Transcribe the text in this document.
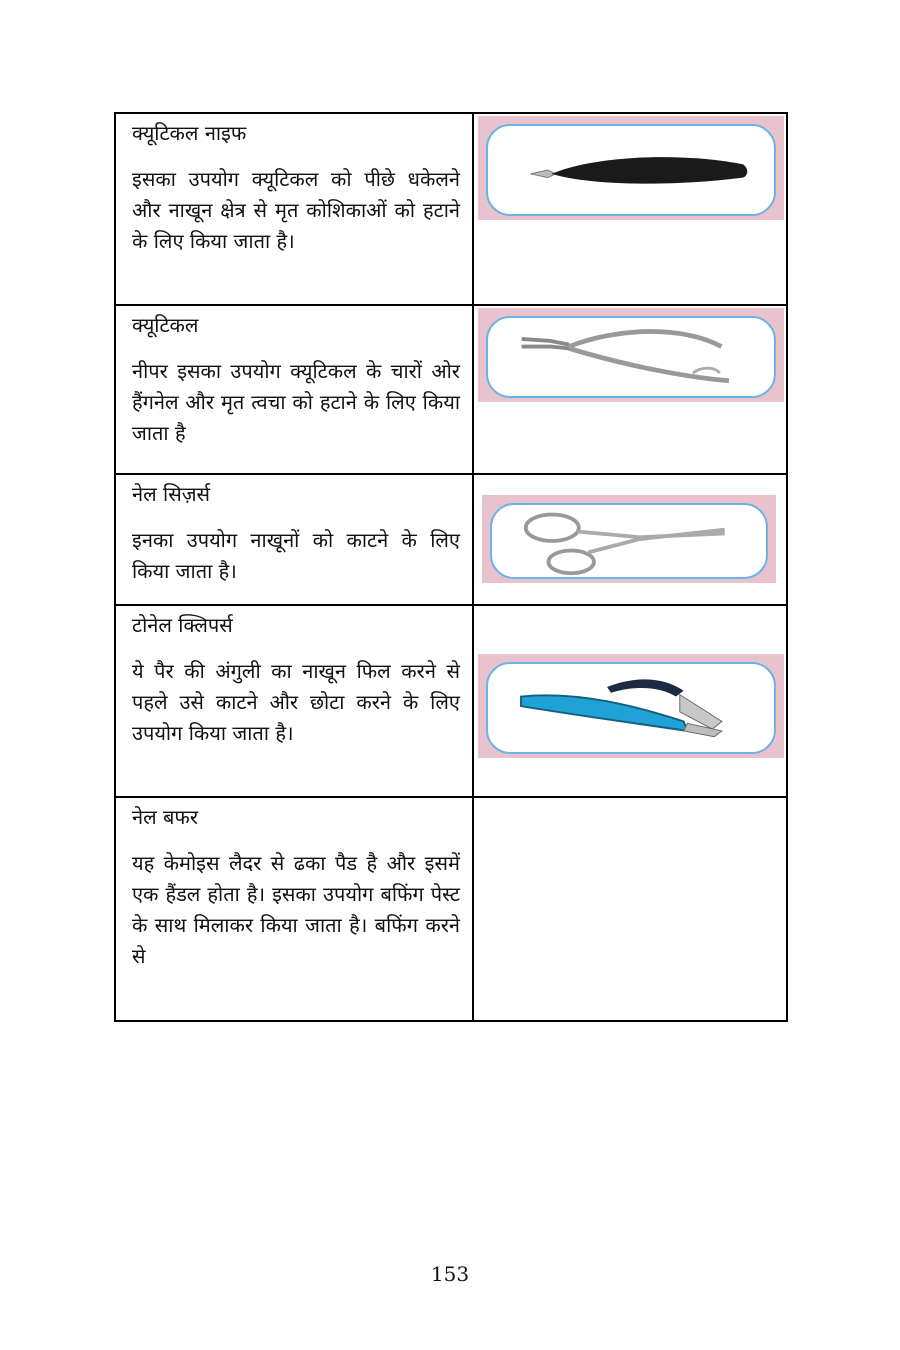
क्यूटिकल नाइफ

इसका उपयोग क्यूटिकल को पीछे धकेलने और नाखून क्षेत्र से मृत कोशिकाओं को हटाने के लिए किया जाता है।

क्यूटिकल

नीपर इसका उपयोग क्यूटिकल के चारों ओर हैंगनेल और मृत त्वचा को हटाने के लिए किया जाता है

नेल सिज़र्स

इनका उपयोग नाखूनों को काटने के लिए किया जाता है।

टोनेल क्लिपर्स

ये पैर की अंगुली का नाखून फिल करने से पहले उसे काटने और छोटा करने के लिए उपयोग किया जाता है।

नेल बफर

यह केमोइस लैदर से ढका पैड है और इसमें एक हैंडल होता है। इसका उपयोग बफिंग पेस्ट के साथ मिलाकर किया जाता है। बफिंग करने से

153
